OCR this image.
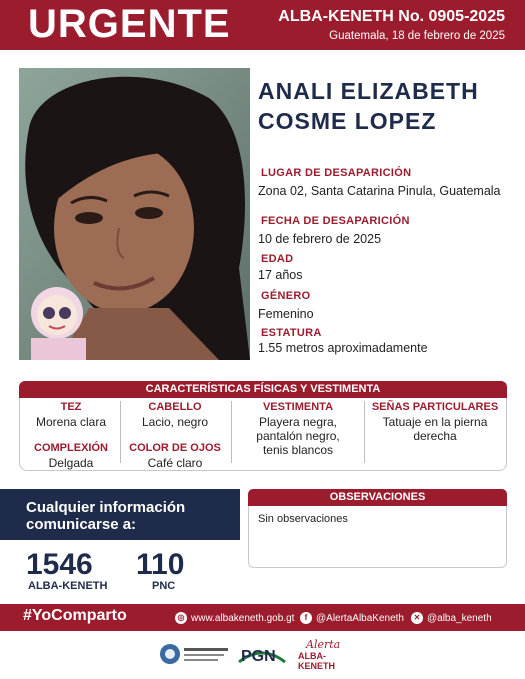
URGENTE	ALBA-KENETH No. 0905-2025
Guatemala, 18 de febrero de 2025
ANALI ELIZABETH
COSME LOPEZ
LUGAR DE DESAPARICIÓN
Zona 02, Santa Catarina Pinula, Guatemala
FECHA DE DESAPARICIÓN
10 de febrero de 2025
EDAD
17 años
GÉNERO
Femenino
ESTATURA
1.55 metros aproximadamente
CARACTERÍSTICAS FÍSICAS Y VESTIMENTA
TEZ
Morena clara
COMPLEXIÓN
Delgada
CABELLO
Lacio, negro
COLOR DE OJOS
Café claro
VESTIMENTA
Playera negra,
pantalón negro,
tenis blancos
SEÑAS PARTICULARES
Tatuaje en la pierna
derecha
Cualquier información
comunicarse a:
1546
ALBA-KENETH
110
PNC
OBSERVACIONES
Sin observaciones
#YoComparto	◎ www.albakeneth.gob.gt	f @AlertaAlbaKeneth	✕ @alba_keneth
PGN
Alerta
ALBA-KENETH
